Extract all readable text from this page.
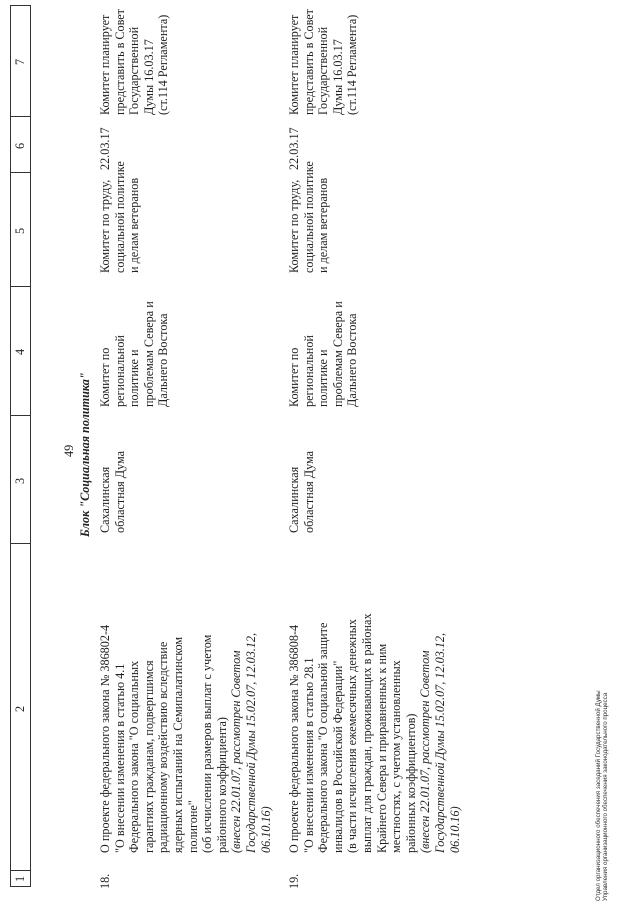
49
1
2
3
4
5
6
7
Блок "Социальная политика"
18.
О проекте федерального закона № 386802-4 "О внесении изменения в статью 4.1 Федерального закона "О социальных гарантиях гражданам, подвергшимся радиационному воздействию вследствие ядерных испытаний на Семипалатинском полигоне" (об исчислении размеров выплат с учетом районного коэффициента) (внесен 22.01.07, рассмотрен Советом Государственной Думы 15.02.07, 12.03.12, 06.10.16)
Сахалинская областная Дума
Комитет по региональной политике и проблемам Севера и Дальнего Востока
Комитет по труду, социальной политике и делам ветеранов
22.03.17
Комитет планирует представить в Совет Государственной Думы 16.03.17 (ст.114 Регламента)
19.
О проекте федерального закона № 386808-4 "О внесении изменения в статью 28.1 Федерального закона "О социальной защите инвалидов в Российской Федерации" (в части исчисления ежемесячных денежных выплат для граждан, проживающих в районах Крайнего Севера и приравненных к ним местностях, с учетом установленных районных коэффициентов) (внесен 22.01.07, рассмотрен Советом Государственной Думы 15.02.07, 12.03.12, 06.10.16)
Сахалинская областная Дума
Комитет по региональной политике и проблемам Севера и Дальнего Востока
Комитет по труду, социальной политике и делам ветеранов
22.03.17
Комитет планирует представить в Совет Государственной Думы 16.03.17 (ст.114 Регламента)
Отдел организационного обеспечения заседаний Государственной Думы Управления организационного обеспечения законодательного процесса
